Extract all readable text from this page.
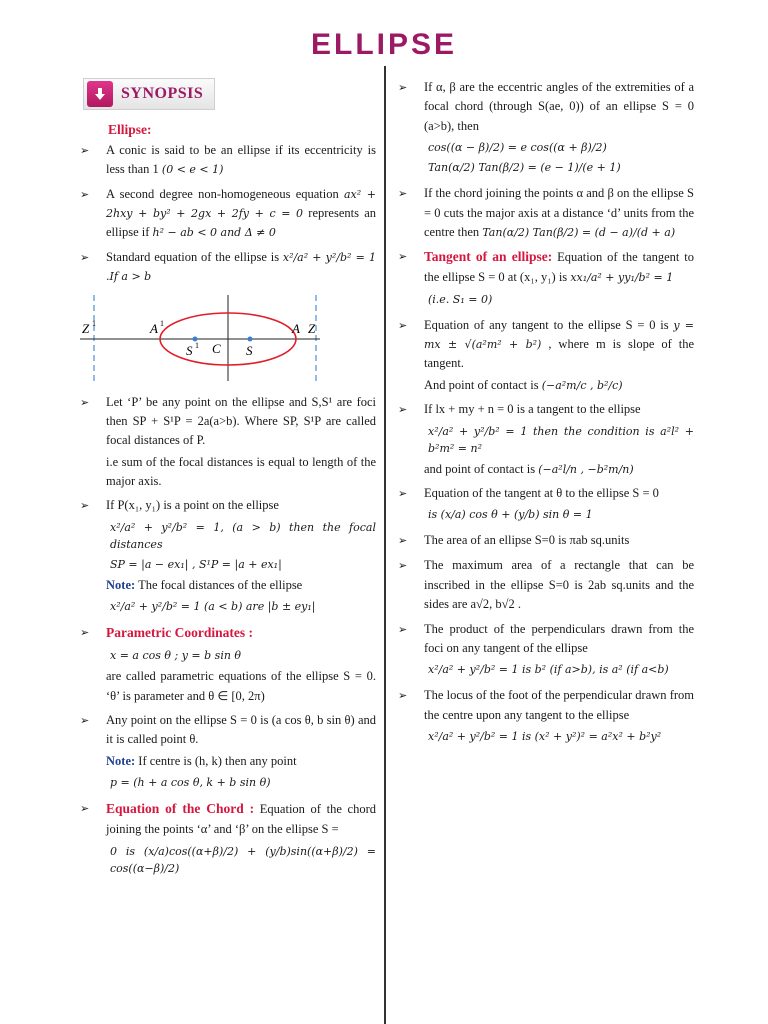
ELLIPSE
SYNOPSIS
Ellipse:
➢	A conic is said to be an ellipse if its eccentricity is less than 1 (0 < e < 1)
➢	A second degree non-homogeneous equation ax² + 2hxy + by² + 2gx + 2fy + c = 0 represents an ellipse if h² − ab < 0 and Δ ≠ 0
➢	Standard equation of the ellipse is x²/a² + y²/b² = 1 .If a > b
Z 1	A 1
S 1 C S
A Z
➢	Let ‘P’ be any point on the ellipse and S,S¹ are foci then SP + S¹P = 2a(a>b). Where SP, S¹P are called focal distances of P.
i.e sum of the focal distances is equal to length of the major axis.
➢	If P(x₁, y₁) is a point on the ellipse
x²/a² + y²/b² = 1, (a > b) then the focal distances
SP = |a − ex₁| , S¹P = |a + ex₁|
Note: The focal distances of the ellipse
x²/a² + y²/b² = 1 (a < b) are |b ± ey₁|
➢	Parametric Coordinates :
x = a cos θ ; y = b sin θ
are called parametric equations of the ellipse S = 0. ‘θ’ is parameter and θ ∈ [0, 2π)
➢	Any point on the ellipse S = 0 is (a cos θ, b sin θ) and it is called point θ.
Note: If centre is (h, k) then any point
p = (h + a cos θ, k + b sin θ)
➢	Equation of the Chord : Equation of the chord joining the points ‘α’ and ‘β’ on the ellipse S =
0 is (x/a)cos((α+β)/2) + (y/b)sin((α+β)/2) = cos((α−β)/2)
➢	If α, β are the eccentric angles of the extremities of a focal chord (through S(ae, 0)) of an ellipse S = 0 (a>b), then
cos((α − β)/2) = e cos((α + β)/2)
Tan(α/2) Tan(β/2) = (e − 1)/(e + 1)
➢	If the chord joining the points α and β on the ellipse S = 0 cuts the major axis at a distance ‘d’ units from the centre then Tan(α/2) Tan(β/2) = (d − a)/(d + a)
➢	Tangent of an ellipse: Equation of the tangent to the ellipse S = 0 at (x₁, y₁) is xx₁/a² + yy₁/b² = 1
(i.e. S₁ = 0)
➢	Equation of any tangent to the ellipse S = 0 is y = mx ± √(a²m² + b²) , where m is slope of the tangent.
And point of contact is (−a²m/c , b²/c)
➢	If lx + my + n = 0 is a tangent to the ellipse
x²/a² + y²/b² = 1 then the condition is a²l² + b²m² = n²
and point of contact is (−a²l/n , −b²m/n)
➢	Equation of the tangent at θ to the ellipse S = 0
is (x/a) cos θ + (y/b) sin θ = 1
➢	The area of an ellipse S=0 is πab sq.units
➢	The maximum area of a rectangle that can be inscribed in the ellipse S=0 is 2ab sq.units and the sides are a√2, b√2 .
➢	The product of the perpendiculars drawn from the foci on any tangent of the ellipse
x²/a² + y²/b² = 1 is b² (if a>b), is a² (if a<b)
➢	The locus of the foot of the perpendicular drawn from the centre upon any tangent to the ellipse
x²/a² + y²/b² = 1 is (x² + y²)² = a²x² + b²y²
